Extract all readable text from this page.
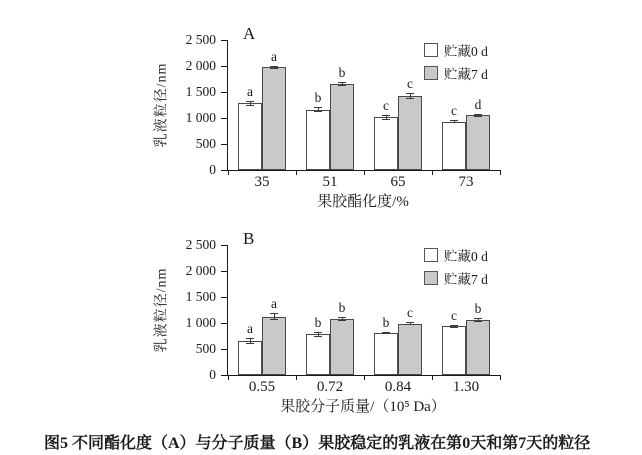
A
乳液粒径/nm
0
500
1 000
1 500
2 000
2 500
35	51	65	73
a
a
b
b
c
c
c	d
果胶酯化度/%
贮藏0 d
贮藏7 d
B
乳液粒径/nm
0
500
1 000
1 500
2 000
2 500
0.55	0.72	0.84	1.30
a
a
b
b
b
c	c	b
果胶分子质量/（10⁵ Da）
贮藏0 d
贮藏7 d
图5 不同酯化度（A）与分子质量（B）果胶稳定的乳液在第0天和第7天的粒径
